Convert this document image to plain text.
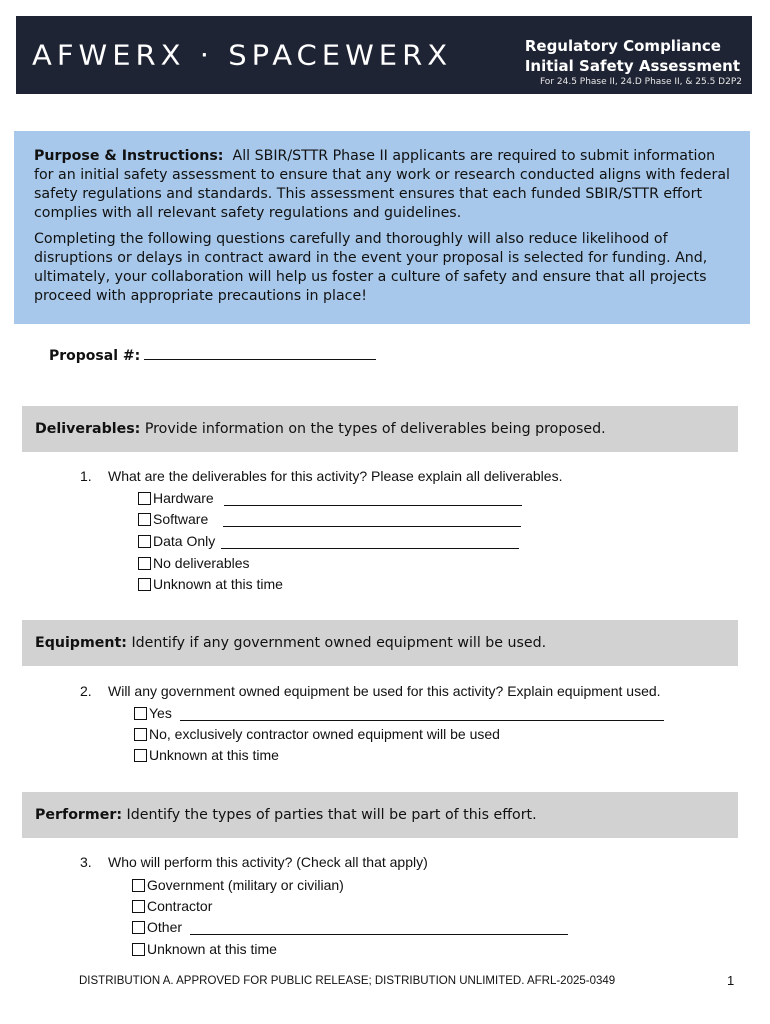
AFWERX · SPACEWERX	Regulatory Compliance
Initial Safety Assessment
For 24.5 Phase II, 24.D Phase II, & 25.5 D2P2

Purpose & Instructions: All SBIR/STTR Phase II applicants are required to submit information for an initial safety assessment to ensure that any work or research conducted aligns with federal safety regulations and standards. This assessment ensures that each funded SBIR/STTR effort complies with all relevant safety regulations and guidelines.

Completing the following questions carefully and thoroughly will also reduce likelihood of disruptions or delays in contract award in the event your proposal is selected for funding. And, ultimately, your collaboration will help us foster a culture of safety and ensure that all projects proceed with appropriate precautions in place!

Proposal #:
Deliverables: Provide information on the types of deliverables being proposed.
1. What are the deliverables for this activity? Please explain all deliverables.
Hardware
Software
Data Only
No deliverables
Unknown at this time
Equipment: Identify if any government owned equipment will be used.
2. Will any government owned equipment be used for this activity? Explain equipment used.
Yes
No, exclusively contractor owned equipment will be used
Unknown at this time
Performer: Identify the types of parties that will be part of this effort.
3. Who will perform this activity? (Check all that apply)
Government (military or civilian)
Contractor
Other
Unknown at this time
DISTRIBUTION A. APPROVED FOR PUBLIC RELEASE; DISTRIBUTION UNLIMITED. AFRL-2025-0349	1
